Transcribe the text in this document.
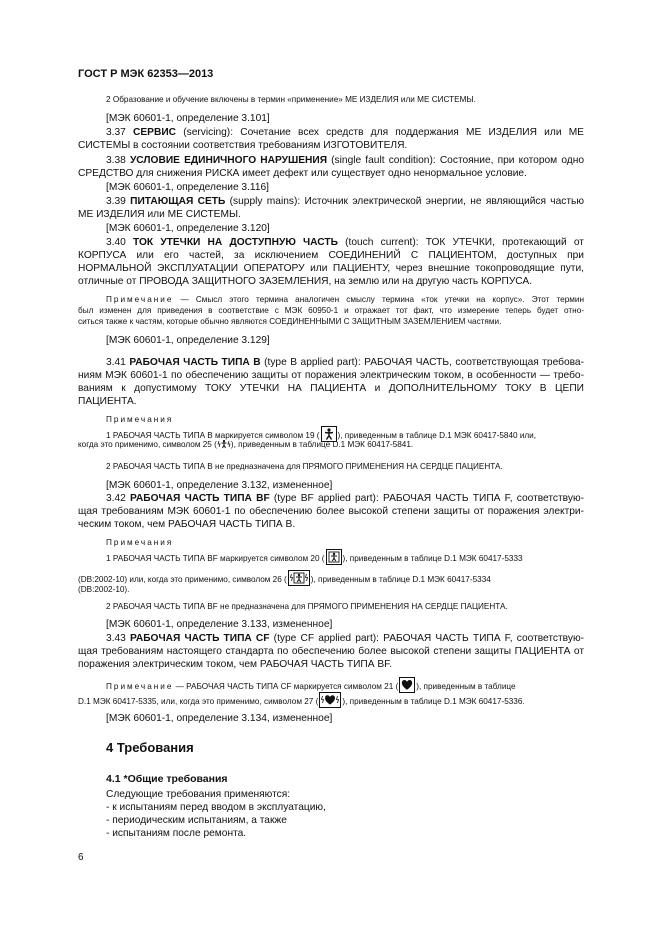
ГОСТ Р МЭК 62353—2013
2 Образование и обучение включены в термин «применение» МЕ ИЗДЕЛИЯ или МЕ СИСТЕМЫ.
[МЭК 60601-1, определение 3.101]
3.37 СЕРВИС (servicing): Сочетание всех средств для поддержания МЕ ИЗДЕЛИЯ или МЕ
СИСТЕМЫ в состоянии соответствия требованиям ИЗГОТОВИТЕЛЯ.
3.38 УСЛОВИЕ ЕДИНИЧНОГО НАРУШЕНИЯ (single fault condition): Состояние, при котором одно
СРЕДСТВО для снижения РИСКА имеет дефект или существует одно ненормальное условие.
[МЭК 60601-1, определение 3.116]
3.39 ПИТАЮЩАЯ СЕТЬ (supply mains): Источник электрической энергии, не являющийся частью
МЕ ИЗДЕЛИЯ или МЕ СИСТЕМЫ.
[МЭК 60601-1, определение 3.120]
3.40 ТОК УТЕЧКИ НА ДОСТУПНУЮ ЧАСТЬ (touch current): ТОК УТЕЧКИ, протекающий от
КОРПУСА или его частей, за исключением СОЕДИНЕНИЙ С ПАЦИЕНТОМ, доступных при
НОРМАЛЬНОЙ ЭКСПЛУАТАЦИИ ОПЕРАТОРУ или ПАЦИЕНТУ, через внешние токопроводящие пути,
отличные от ПРОВОДА ЗАЩИТНОГО ЗАЗЕМЛЕНИЯ, на землю или на другую часть КОРПУСА.
Примечание — Смысл этого термина аналогичен смыслу термина «ток утечки на корпус». Этот термин
был изменен для приведения в соответствие с МЭК 60950-1 и отражает тот факт, что измерение теперь будет отно-
ситься также к частям, которые обычно являются СОЕДИНЕННЫМИ С ЗАЩИТНЫМ ЗАЗЕМЛЕНИЕМ частями.
[МЭК 60601-1, определение 3.129]
3.41 РАБОЧАЯ ЧАСТЬ ТИПА В (type B applied part): РАБОЧАЯ ЧАСТЬ, соответствующая требова-
ниям МЭК 60601-1 по обеспечению защиты от поражения электрическим током, в особенности — требо-
ваниям к допустимому ТОКУ УТЕЧКИ НА ПАЦИЕНТА и ДОПОЛНИТЕЛЬНОМУ ТОКУ В ЦЕПИ
ПАЦИЕНТА.
Примечания
1 РАБОЧАЯ ЧАСТЬ ТИПА В маркируется символом 19 ( ), приведенным в таблице D.1 МЭК 60417-5840 или,
когда это применимо, символом 25 ( ), приведенным в таблице D.1 МЭК 60417-5841.
2 РАБОЧАЯ ЧАСТЬ ТИПА В не предназначена для ПРЯМОГО ПРИМЕНЕНИЯ НА СЕРДЦЕ ПАЦИЕНТА.
[МЭК 60601-1, определение 3.132, измененное]
3.42 РАБОЧАЯ ЧАСТЬ ТИПА BF (type BF applied part): РАБОЧАЯ ЧАСТЬ ТИПА F, соответствую-
щая требованиям МЭК 60601-1 по обеспечению более высокой степени защиты от поражения электри-
ческим током, чем РАБОЧАЯ ЧАСТЬ ТИПА В.
Примечания
1 РАБОЧАЯ ЧАСТЬ ТИПА BF маркируется символом 20 ( ), приведенным в таблице D.1 МЭК 60417-5333
(DB:2002-10) или, когда это применимо, символом 26 (	), приведенным в таблице D.1 МЭК 60417-5334
(DB:2002-10).
2 РАБОЧАЯ ЧАСТЬ ТИПА BF не предназначена для ПРЯМОГО ПРИМЕНЕНИЯ НА СЕРДЦЕ ПАЦИЕНТА.
[МЭК 60601-1, определение 3.133, измененное]
3.43 РАБОЧАЯ ЧАСТЬ ТИПА CF (type CF applied part): РАБОЧАЯ ЧАСТЬ ТИПА F, соответствую-
щая требованиям настоящего стандарта по обеспечению более высокой степени защиты ПАЦИЕНТА от
поражения электрическим током, чем РАБОЧАЯ ЧАСТЬ ТИПА BF.
Примечание — РАБОЧАЯ ЧАСТЬ ТИПА CF маркируется символом 21 ( ), приведенным в таблице
D.1 МЭК 60417-5335, или, когда это применимо, символом 27 (	), приведенным в таблице D.1 МЭК 60417-5336.
[МЭК 60601-1, определение 3.134, измененное]
4 Требования
4.1 *Общие требования
Следующие требования применяются:
- к испытаниям перед вводом в эксплуатацию,
- периодическим испытаниям, а также
- испытаниям после ремонта.
6
